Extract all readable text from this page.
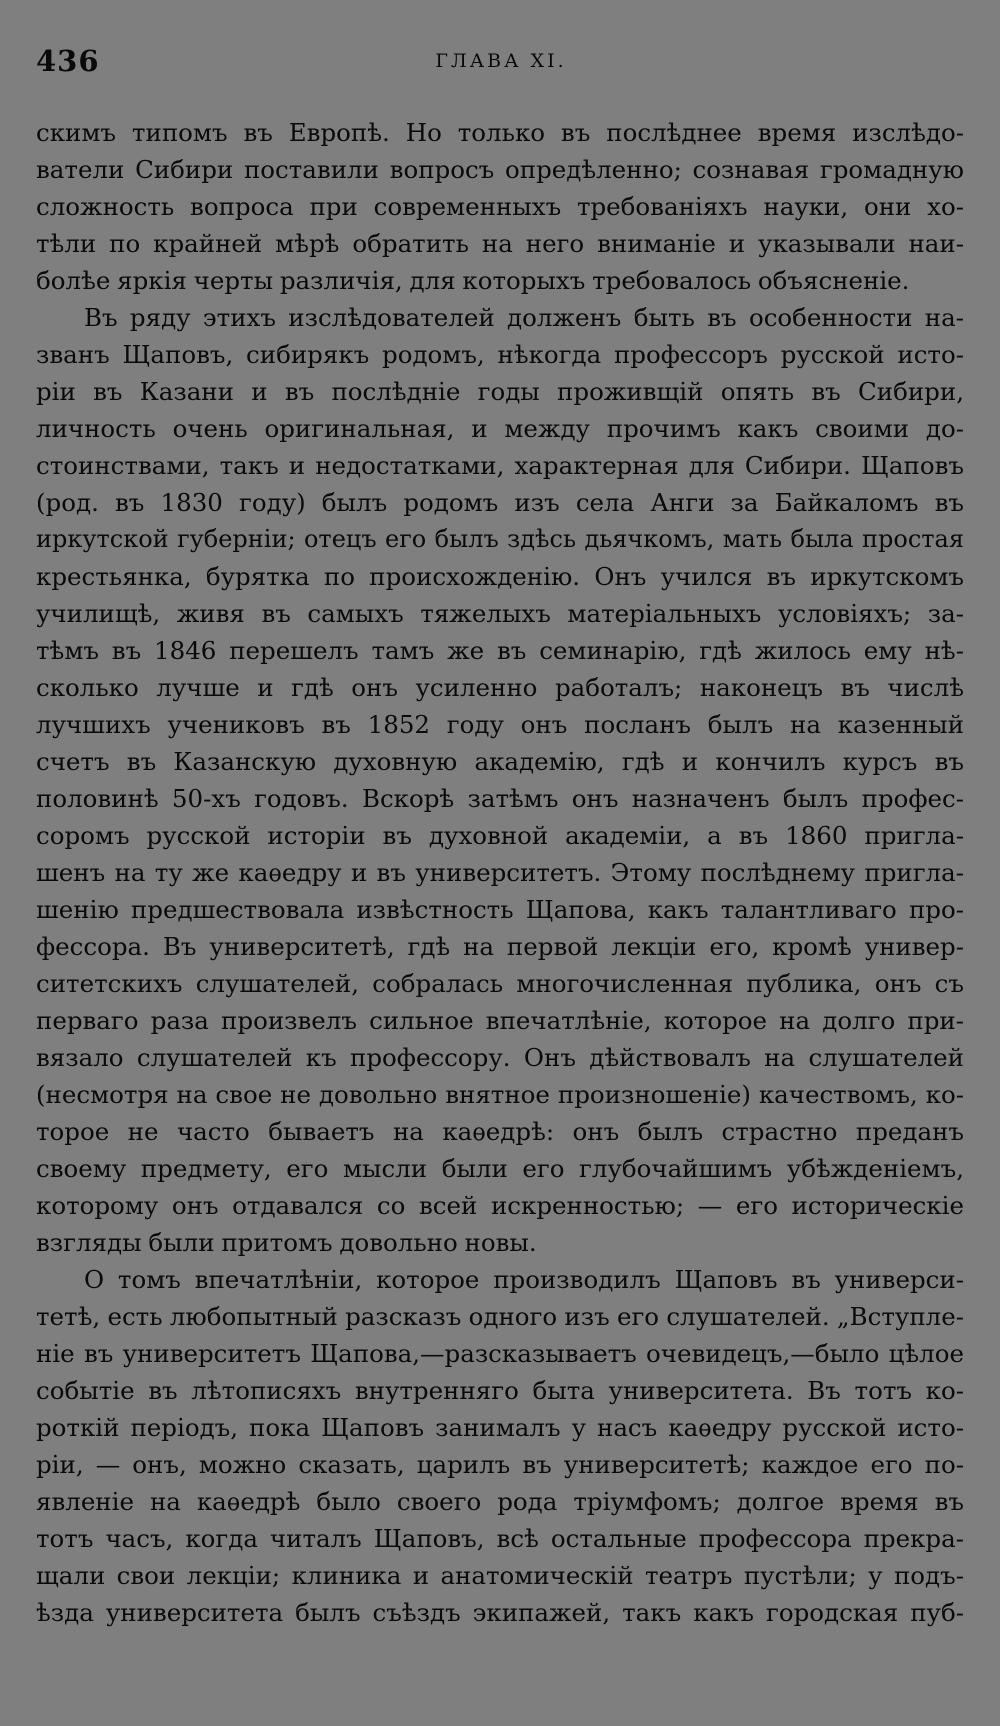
436	ГЛАВА XI.
скимъ типомъ въ Европѣ. Но только въ послѣднее время изслѣдо-
ватели Сибири поставили вопросъ опредѣленно; сознавая громадную
сложность вопроса при современныхъ требованіяхъ науки, они хо-
тѣли по крайней мѣрѣ обратить на него вниманіе и указывали наи-
болѣе яркія черты различія, для которыхъ требовалось объясненіе.
Въ ряду этихъ изслѣдователей долженъ быть въ особенности на-
званъ Щаповъ, сибирякъ родомъ, нѣкогда профессоръ русской исто-
ріи въ Казани и въ послѣдніе годы проживщій опять въ Сибири,
личность очень оригинальная, и между прочимъ какъ своими до-
стоинствами, такъ и недостатками, характерная для Сибири. Щаповъ
(род. въ 1830 году) былъ родомъ изъ села Анги за Байкаломъ въ
иркутской губерніи; отецъ его былъ здѣсь дьячкомъ, мать была простая
крестьянка, бурятка по происхожденію. Онъ учился въ иркутскомъ
училищѣ, живя въ самыхъ тяжелыхъ матеріальныхъ условіяхъ; за-
тѣмъ въ 1846 перешелъ тамъ же въ семинарію, гдѣ жилось ему нѣ-
сколько лучше и гдѣ онъ усиленно работалъ; наконецъ въ числѣ
лучшихъ учениковъ въ 1852 году онъ посланъ былъ на казенный
счетъ въ Казанскую духовную академію, гдѣ и кончилъ курсъ въ
половинѣ 50-хъ годовъ. Вскорѣ затѣмъ онъ назначенъ былъ профес-
соромъ русской исторіи въ духовной академіи, а въ 1860 пригла-
шенъ на ту же каѳедру и въ университетъ. Этому послѣднему пригла-
шенію предшествовала извѣстность Щапова, какъ талантливаго про-
фессора. Въ университетѣ, гдѣ на первой лекціи его, кромѣ универ-
ситетскихъ слушателей, собралась многочисленная публика, онъ съ
перваго раза произвелъ сильное впечатлѣніе, которое на долго при-
вязало слушателей къ профессору. Онъ дѣйствовалъ на слушателей
(несмотря на свое не довольно внятное произношеніе) качествомъ, ко-
торое не часто бываетъ на каѳедрѣ: онъ былъ страстно преданъ
своему предмету, его мысли были его глубочайшимъ убѣжденіемъ,
которому онъ отдавался со всей искренностью; — его историческіе
взгляды были притомъ довольно новы.
О томъ впечатлѣніи, которое производилъ Щаповъ въ универси-
тетѣ, есть любопытный разсказъ одного изъ его слушателей. „Вступле-
ніе въ университетъ Щапова,—разсказываетъ очевидецъ,—было цѣлое
событіе въ лѣтописяхъ внутренняго быта университета. Въ тотъ ко-
роткій періодъ, пока Щаповъ занималъ у насъ каѳедру русской исто-
ріи, — онъ, можно сказать, царилъ въ университетѣ; каждое его по-
явленіе на каѳедрѣ было своего рода тріумфомъ; долгое время въ
тотъ часъ, когда читалъ Щаповъ, всѣ остальные профессора прекра-
щали свои лекціи; клиника и анатомическій театръ пустѣли; у подъ-
ѣзда университета былъ съѣздъ экипажей, такъ какъ городская пуб-
